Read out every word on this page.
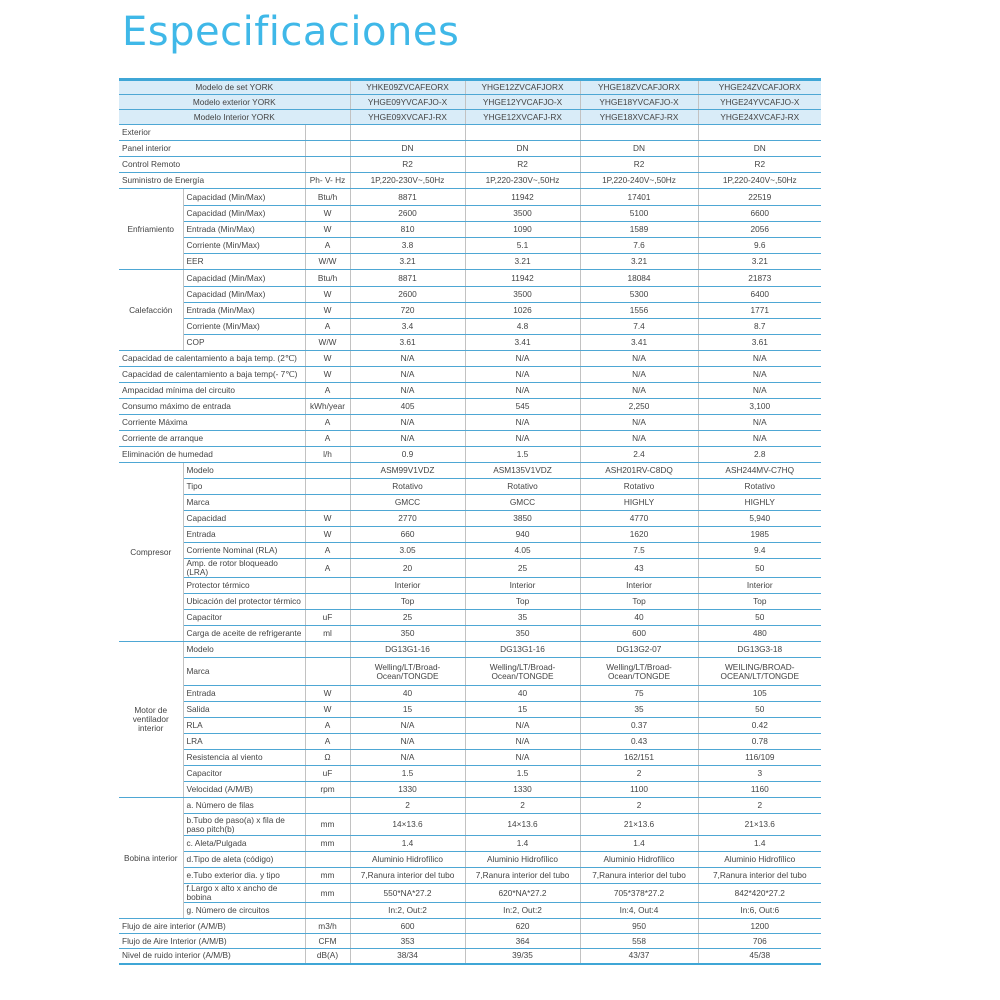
Especificaciones
Modelo de set YORK			YHKE09ZVCAFEORX	YHGE12ZVCAFJORX	YHGE18ZVCAFJORX	YHGE24ZVCAFJORX
Modelo exterior YORK			YHGE09YVCAFJO-X	YHGE12YVCAFJO-X	YHGE18YVCAFJO-X	YHGE24YVCAFJO-X
Modelo Interior YORK			YHGE09XVCAFJ-RX	YHGE12XVCAFJ-RX	YHGE18XVCAFJ-RX	YHGE24XVCAFJ-RX
Exterior						
Panel interior			DN	DN	DN	DN
Control Remoto			R2	R2	R2	R2
Suministro de Energía		Ph- V- Hz	1P,220-230V~,50Hz	1P,220-230V~,50Hz	1P,220-240V~,50Hz	1P,220-240V~,50Hz
Enfriamiento	Capacidad (Min/Max)	Btu/h	8871	11942	17401	22519
	Capacidad (Min/Max)	W	2600	3500	5100	6600
	Entrada (Min/Max)	W	810	1090	1589	2056
	Corriente (Min/Max)	A	3.8	5.1	7.6	9.6
	EER	W/W	3.21	3.21	3.21	3.21
Calefacción	Capacidad (Min/Max)	Btu/h	8871	11942	18084	21873
	Capacidad (Min/Max)	W	2600	3500	5300	6400
	Entrada (Min/Max)	W	720	1026	1556	1771
	Corriente (Min/Max)	A	3.4	4.8	7.4	8.7
	COP	W/W	3.61	3.41	3.41	3.61
Capacidad de calentamiento a baja temp. (2℃)		W	N/A	N/A	N/A	N/A
Capacidad de calentamiento a baja temp(- 7℃)		W	N/A	N/A	N/A	N/A
Ampacidad mínima del circuito		A	N/A	N/A	N/A	N/A
Consumo máximo de entrada		kWh/year	405	545	2,250	3,100
Corriente Máxima		A	N/A	N/A	N/A	N/A
Corriente de arranque		A	N/A	N/A	N/A	N/A
Eliminación de humedad		l/h	0.9	1.5	2.4	2.8
Compresor	Modelo		ASM99V1VDZ	ASM135V1VDZ	ASH201RV-C8DQ	ASH244MV-C7HQ
	Tipo		Rotativo	Rotativo	Rotativo	Rotativo
	Marca		GMCC	GMCC	HIGHLY	HIGHLY
	Capacidad	W	2770	3850	4770	5,940
	Entrada	W	660	940	1620	1985
	Corriente Nominal (RLA)	A	3.05	4.05	7.5	9.4
	Amp. de rotor bloqueado (LRA)	A	20	25	43	50
	Protector térmico		Interior	Interior	Interior	Interior
	Ubicación del protector térmico		Top	Top	Top	Top
	Capacitor	uF	25	35	40	50
	Carga de aceite de refrigerante	ml	350	350	600	480
Motor de ventilador interior	Modelo		DG13G1-16	DG13G1-16	DG13G2-07	DG13G3-18
	Marca		Welling/LT/Broad-Ocean/TONGDE	Welling/LT/Broad-Ocean/TONGDE	Welling/LT/Broad-Ocean/TONGDE	WEILING/BROAD-OCEAN/LT/TONGDE
	Entrada	W	40	40	75	105
	Salida	W	15	15	35	50
	RLA	A	N/A	N/A	0.37	0.42
	LRA	A	N/A	N/A	0.43	0.78
	Resistencia al viento	Ω	N/A	N/A	162/151	116/109
	Capacitor	uF	1.5	1.5	2	3
	Velocidad (A/M/B)	rpm	1330	1330	1100	1160
Bobina interior	a. Número de filas		2	2	2	2
	b.Tubo de paso(a) x fila de paso pitch(b)	mm	14×13.6	14×13.6	21×13.6	21×13.6
	c. Aleta/Pulgada	mm	1.4	1.4	1.4	1.4
	d.Tipo de aleta (código)		Aluminio Hidrofílico	Aluminio Hidrofílico	Aluminio Hidrofílico	Aluminio Hidrofílico
	e.Tubo exterior dia. y tipo	mm	7,Ranura interior del tubo	7,Ranura interior del tubo	7,Ranura interior del tubo	7,Ranura interior del tubo
	f.Largo x alto x ancho de bobina	mm	550*NA*27.2	620*NA*27.2	705*378*27.2	842*420*27.2
	g. Número de circuitos		In:2, Out:2	In:2, Out:2	In:4, Out:4	In:6, Out:6
Flujo de aire interior (A/M/B)		m3/h	600	620	950	1200
Flujo de Aire Interior (A/M/B)		CFM	353	364	558	706
Nivel de ruido interior (A/M/B)		dB(A)	38/34	39/35	43/37	45/38
